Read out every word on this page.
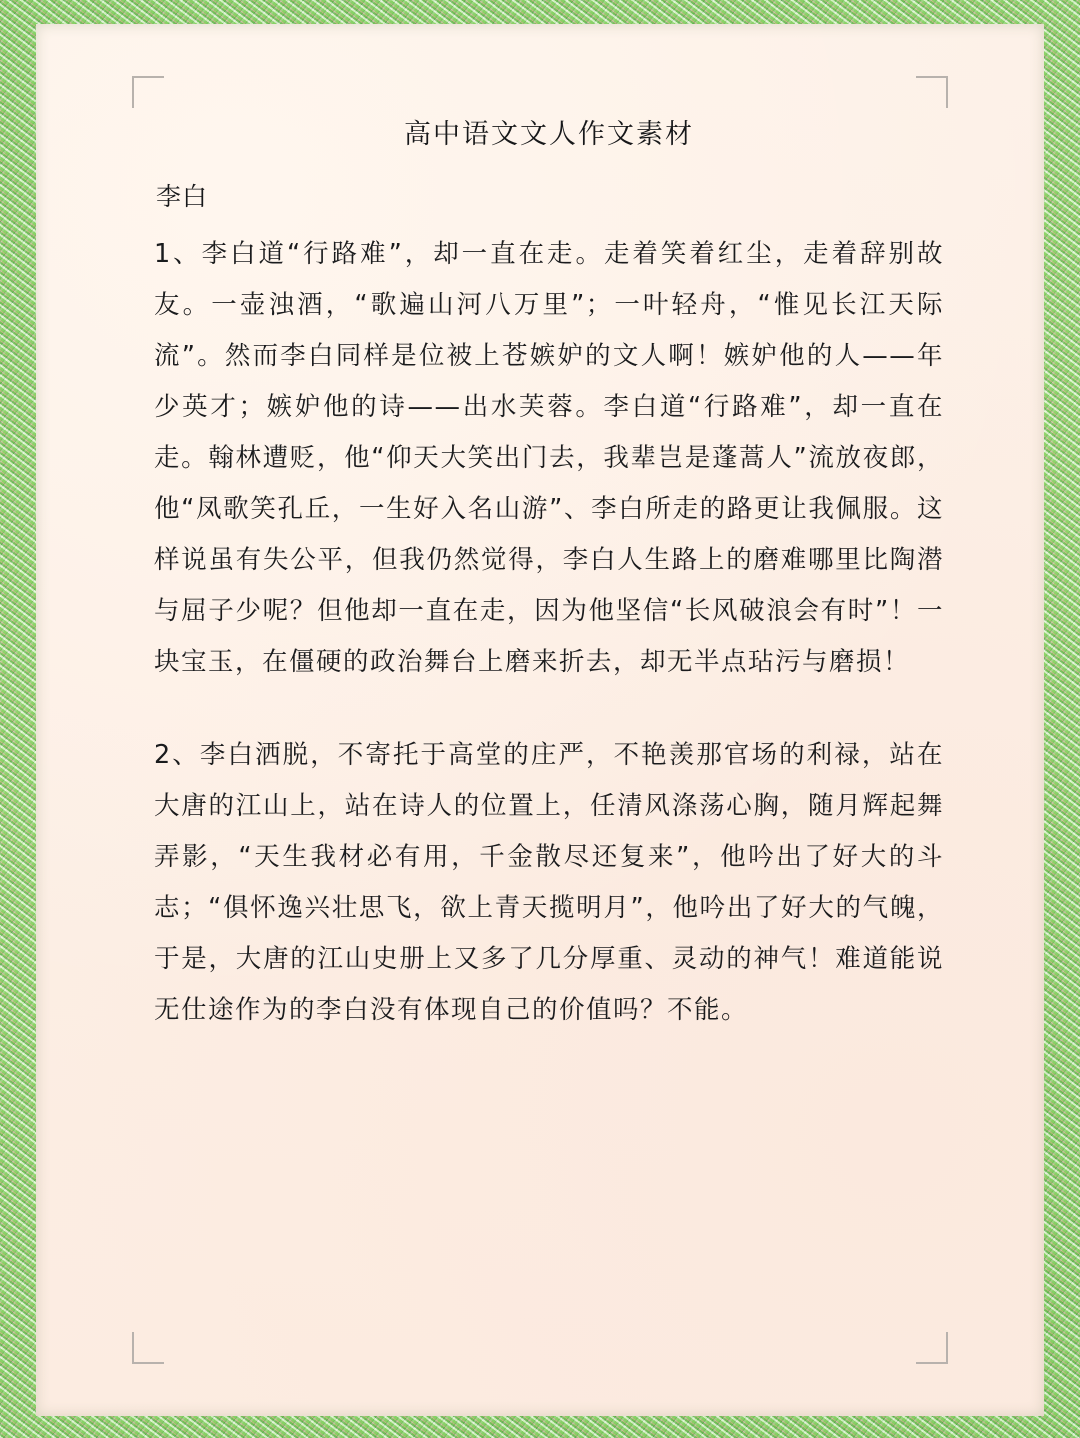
高中语文文人作文素材
李白

1、李白道“行路难”，却一直在走。走着笑着红尘，走着辞别故友。一壶浊酒，“歌遍山河八万里”；一叶轻舟，“惟见长江天际流”。然而李白同样是位被上苍嫉妒的文人啊！嫉妒他的人——年少英才；嫉妒他的诗——出水芙蓉。李白道“行路难”，却一直在走。翰林遭贬，他“仰天大笑出门去，我辈岂是蓬蒿人”流放夜郎，他“凤歌笑孔丘，一生好入名山游”、李白所走的路更让我佩服。这样说虽有失公平，但我仍然觉得，李白人生路上的磨难哪里比陶潜与屈子少呢？但他却一直在走，因为他坚信“长风破浪会有时”！一块宝玉，在僵硬的政治舞台上磨来折去，却无半点玷污与磨损！

2、李白洒脱，不寄托于高堂的庄严，不艳羡那官场的利禄，站在大唐的江山上，站在诗人的位置上，任清风涤荡心胸，随月辉起舞弄影，“天生我材必有用，千金散尽还复来”，他吟出了好大的斗志；“俱怀逸兴壮思飞，欲上青天揽明月”，他吟出了好大的气魄，于是，大唐的江山史册上又多了几分厚重、灵动的神气！难道能说无仕途作为的李白没有体现自己的价值吗？不能。
